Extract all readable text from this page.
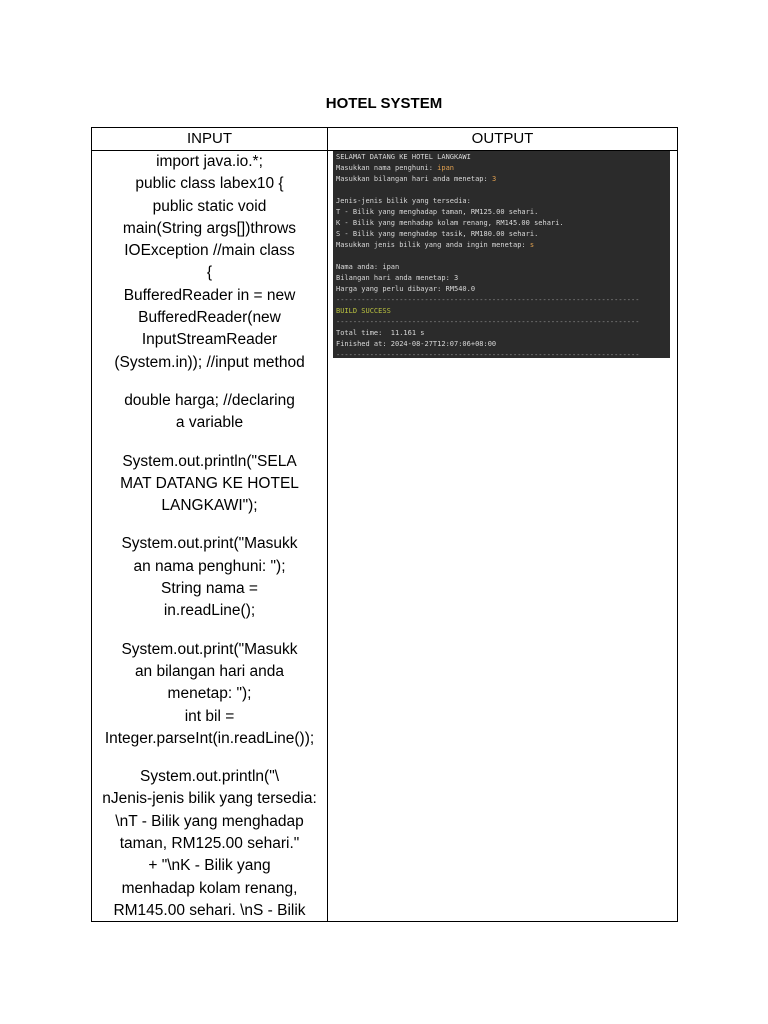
HOTEL SYSTEM
INPUT	OUTPUT
import java.io.*;
public class labex10 {
public static void
main(String args[])throws
IOException //main class
{
BufferedReader in = new
BufferedReader(new
InputStreamReader
(System.in)); //input method
double harga; //declaring
a variable
System.out.println("SELA
MAT DATANG KE HOTEL
LANGKAWI");
System.out.print("Masukk
an nama penghuni: ");
String nama =
in.readLine();
System.out.print("Masukk
an bilangan hari anda
menetap: ");
int bil =
Integer.parseInt(in.readLine());
System.out.println("\
nJenis-jenis bilik yang tersedia:
\nT - Bilik yang menghadap
taman, RM125.00 sehari."
+ "\nK - Bilik yang
menhadap kolam renang,
RM145.00 sehari. \nS - Bilik
SELAMAT DATANG KE HOTEL LANGKAWI
Masukkan nama penghuni: ipan
Masukkan bilangan hari anda menetap: 3
Jenis-jenis bilik yang tersedia:
T - Bilik yang menghadap taman, RM125.00 sehari.
K - Bilik yang menhadap kolam renang, RM145.00 sehari.
S - Bilik yang menghadap tasik, RM180.00 sehari.
Masukkan jenis bilik yang anda ingin menetap: s
Nama anda: ipan
Bilangan hari anda menetap: 3
Harga yang perlu dibayar: RM540.0
------------------------------------------------------------------------
BUILD SUCCESS
------------------------------------------------------------------------
Total time:  11.161 s
Finished at: 2024-08-27T12:07:06+08:00
------------------------------------------------------------------------
